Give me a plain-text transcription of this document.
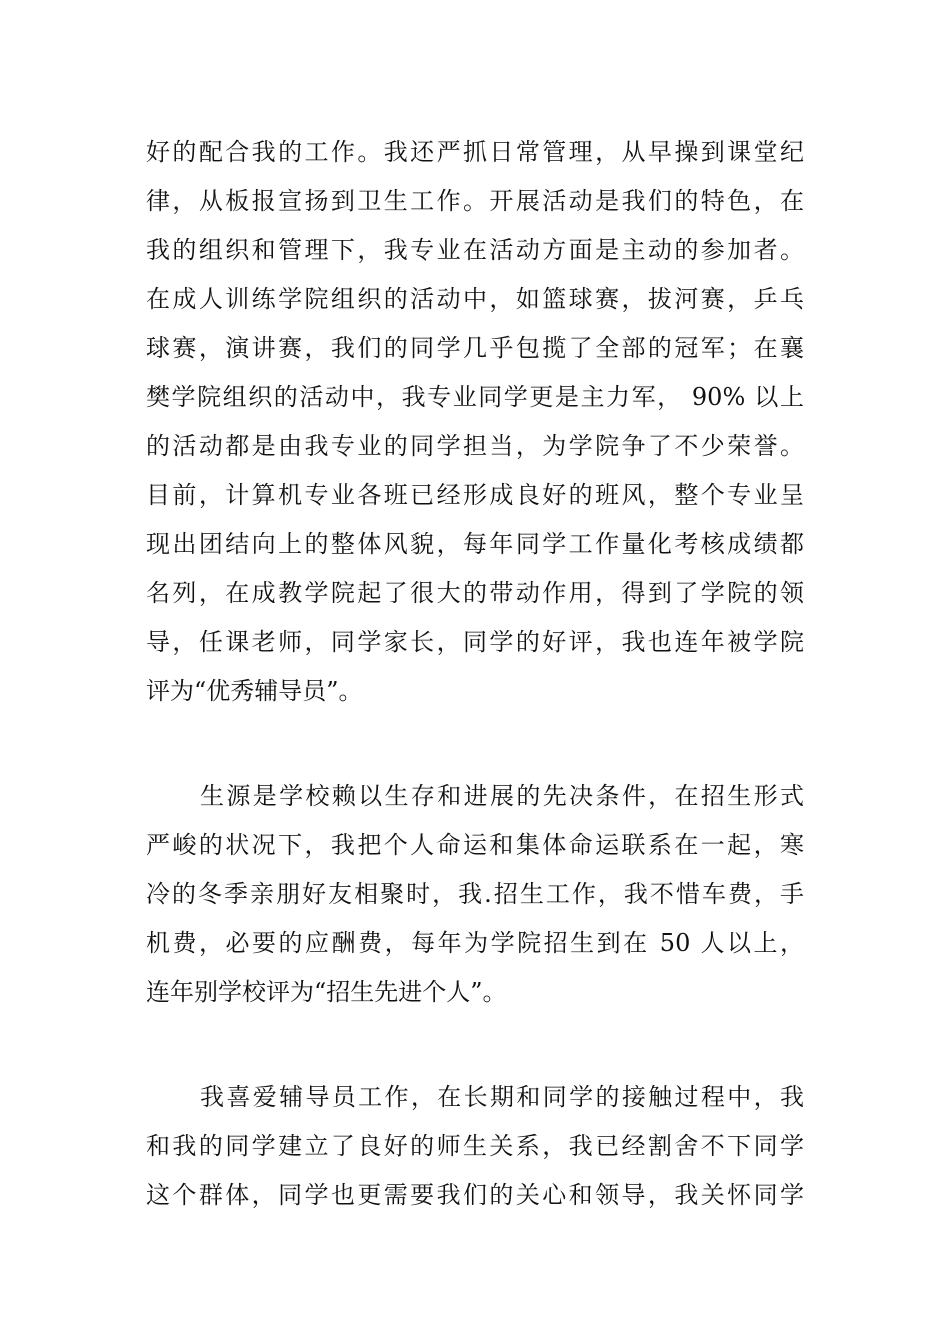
好的配合我的工作。我还严抓日常管理，从早操到课堂纪
律，从板报宣扬到卫生工作。开展活动是我们的特色，在
我的组织和管理下，我专业在活动方面是主动的参加者。
在成人训练学院组织的活动中，如篮球赛，拔河赛，乒乓
球赛，演讲赛，我们的同学几乎包揽了全部的冠军；在襄
樊学院组织的活动中，我专业同学更是主力军， 90% 以上
的活动都是由我专业的同学担当，为学院争了不少荣誉。
目前，计算机专业各班已经形成良好的班风，整个专业呈
现出团结向上的整体风貌，每年同学工作量化考核成绩都
名列，在成教学院起了很大的带动作用，得到了学院的领
导，任课老师，同学家长，同学的好评，我也连年被学院
评为“优秀辅导员”。
生源是学校赖以生存和进展的先决条件，在招生形式
严峻的状况下，我把个人命运和集体命运联系在一起，寒
冷的冬季亲朋好友相聚时，我.招生工作，我不惜车费，手
机费，必要的应酬费，每年为学院招生到在 50 人以上，
连年别学校评为“招生先进个人”。
我喜爱辅导员工作，在长期和同学的接触过程中，我
和我的同学建立了良好的师生关系，我已经割舍不下同学
这个群体，同学也更需要我们的关心和领导，我关怀同学
